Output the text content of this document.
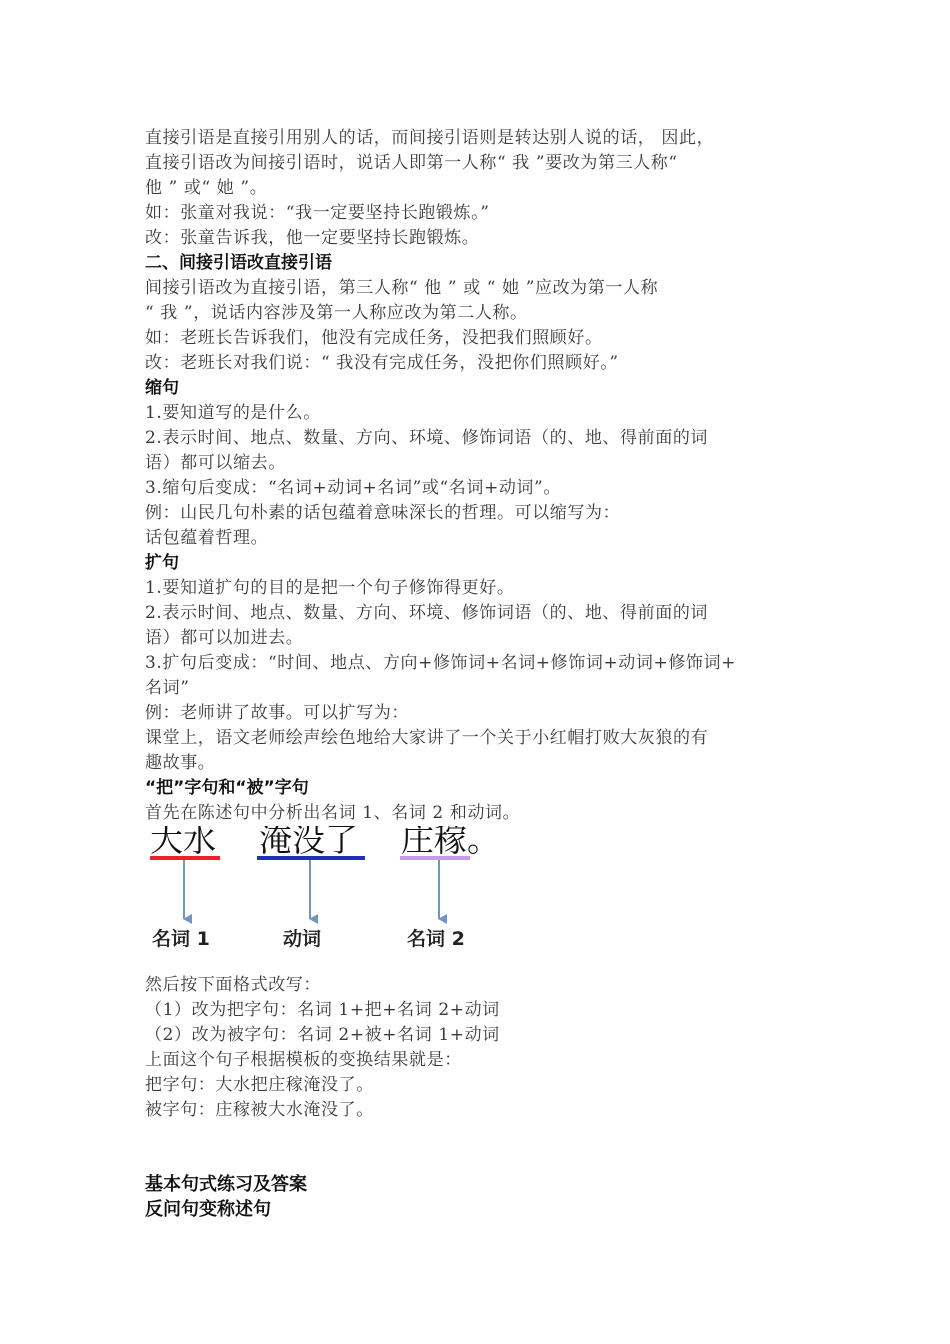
直接引语是直接引用别人的话，而间接引语则是转达别人说的话， 因此，
直接引语改为间接引语时，说话人即第一人称“ 我 ”要改为第三人称“
他 ” 或“ 她 ”。
如：张童对我说：“我一定要坚持长跑锻炼。”
改：张童告诉我，他一定要坚持长跑锻炼。
二、间接引语改直接引语
间接引语改为直接引语，第三人称“ 他 ” 或 “ 她 ”应改为第一人称
“ 我 ”，说话内容涉及第一人称应改为第二人称。
如：老班长告诉我们，他没有完成任务，没把我们照顾好。
改：老班长对我们说：“ 我没有完成任务，没把你们照顾好。”
缩句
1.要知道写的是什么。
2.表示时间、地点、数量、方向、环境、修饰词语（的、地、得前面的词
语）都可以缩去。
3.缩句后变成：“名词+动词+名词”或“名词+动词”。
例：山民几句朴素的话包蕴着意味深长的哲理。可以缩写为：
话包蕴着哲理。
扩句
1.要知道扩句的目的是把一个句子修饰得更好。
2.表示时间、地点、数量、方向、环境、修饰词语（的、地、得前面的词
语）都可以加进去。
3.扩句后变成：“时间、地点、方向+修饰词+名词+修饰词+动词+修饰词+
名词”
例：老师讲了故事。可以扩写为：
课堂上，语文老师绘声绘色地给大家讲了一个关于小红帽打败大灰狼的有
趣故事。
“把”字句和“被”字句
首先在陈述句中分析出名词 1、名词 2 和动词。
大水 淹没了 庄稼。
名词 1	动词	名词 2
然后按下面格式改写：
（1）改为把字句：名词 1+把+名词 2+动词
（2）改为被字句：名词 2+被+名词 1+动词
上面这个句子根据模板的变换结果就是：
把字句：大水把庄稼淹没了。
被字句：庄稼被大水淹没了。
基本句式练习及答案
反问句变称述句
